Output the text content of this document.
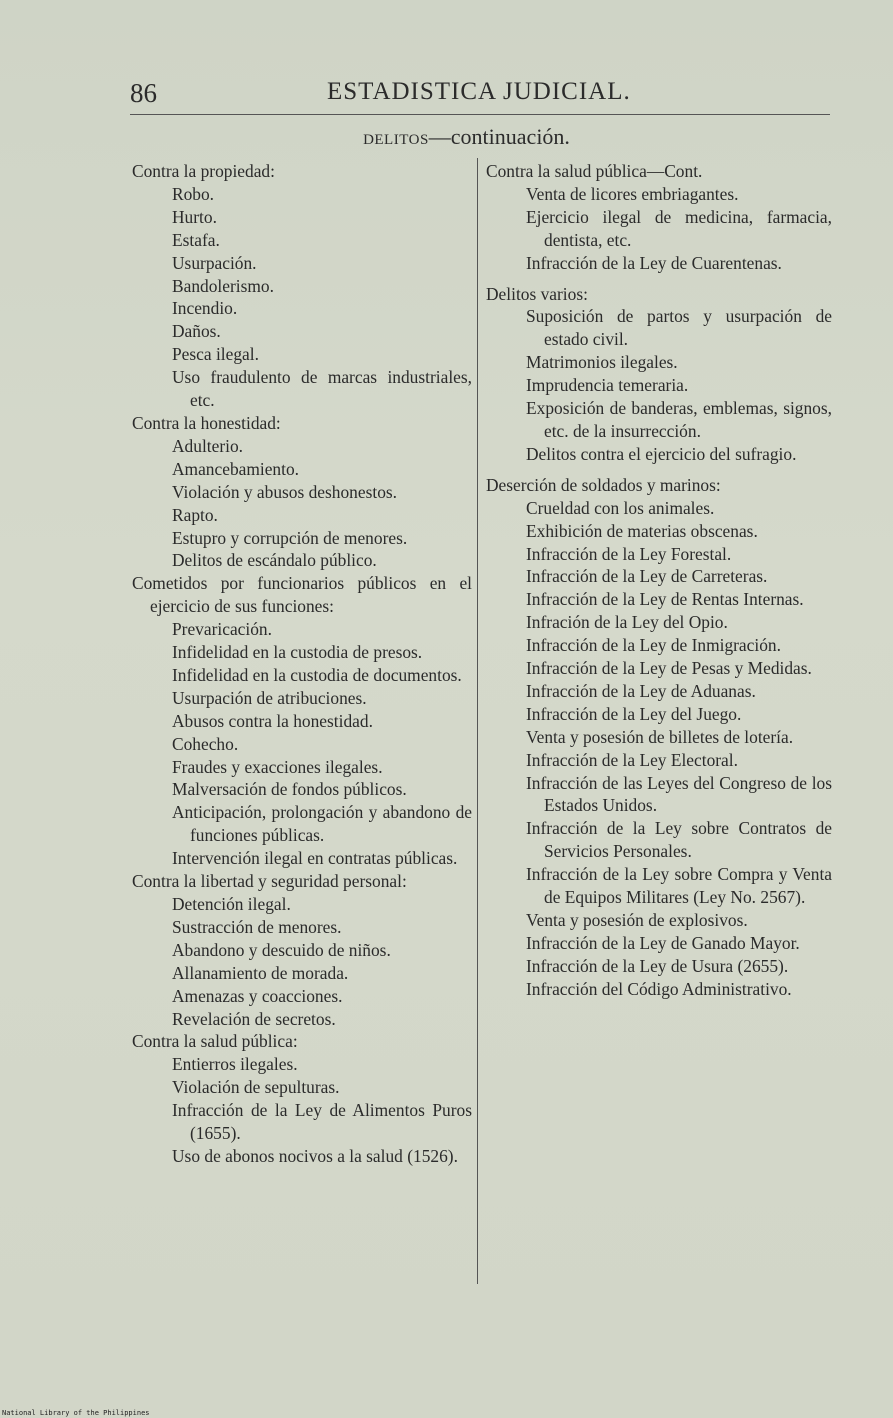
86	ESTADISTICA JUDICIAL.
DELITOS—continuación.
Contra la propiedad:
Robo.
Hurto.
Estafa.
Usurpación.
Bandolerismo.
Incendio.
Daños.
Pesca ilegal.
Uso fraudulento de marcas industriales, etc.
Contra la honestidad:
Adulterio.
Amancebamiento.
Violación y abusos deshonestos.
Rapto.
Estupro y corrupción de menores.
Delitos de escándalo público.
Cometidos por funcionarios públicos en el ejercicio de sus funciones:
Prevaricación.
Infidelidad en la custodia de presos.
Infidelidad en la custodia de documentos.
Usurpación de atribuciones.
Abusos contra la honestidad.
Cohecho.
Fraudes y exacciones ilegales.
Malversación de fondos públicos.
Anticipación, prolongación y abandono de funciones públicas.
Intervención ilegal en contratas públicas.
Contra la libertad y seguridad personal:
Detención ilegal.
Sustracción de menores.
Abandono y descuido de niños.
Allanamiento de morada.
Amenazas y coacciones.
Revelación de secretos.
Contra la salud pública:
Entierros ilegales.
Violación de sepulturas.
Infracción de la Ley de Alimentos Puros (1655).
Uso de abonos nocivos a la salud (1526).
Contra la salud pública—Cont.
Venta de licores embriagantes.
Ejercicio ilegal de medicina, farmacia, dentista, etc.
Infracción de la Ley de Cuarentenas.
Delitos varios:
Suposición de partos y usurpación de estado civil.
Matrimonios ilegales.
Imprudencia temeraria.
Exposición de banderas, emblemas, signos, etc. de la insurrección.
Delitos contra el ejercicio del sufragio.
Deserción de soldados y marinos:
Crueldad con los animales.
Exhibición de materias obscenas.
Infracción de la Ley Forestal.
Infracción de la Ley de Carreteras.
Infracción de la Ley de Rentas Internas.
Infración de la Ley del Opio.
Infracción de la Ley de Inmigración.
Infracción de la Ley de Pesas y Medidas.
Infracción de la Ley de Aduanas.
Infracción de la Ley del Juego.
Venta y posesión de billetes de lotería.
Infracción de la Ley Electoral.
Infracción de las Leyes del Congreso de los Estados Unidos.
Infracción de la Ley sobre Contratos de Servicios Personales.
Infracción de la Ley sobre Compra y Venta de Equipos Militares (Ley No. 2567).
Venta y posesión de explosivos.
Infracción de la Ley de Ganado Mayor.
Infracción de la Ley de Usura (2655).
Infracción del Código Administrativo.
National Library of the Philippines
